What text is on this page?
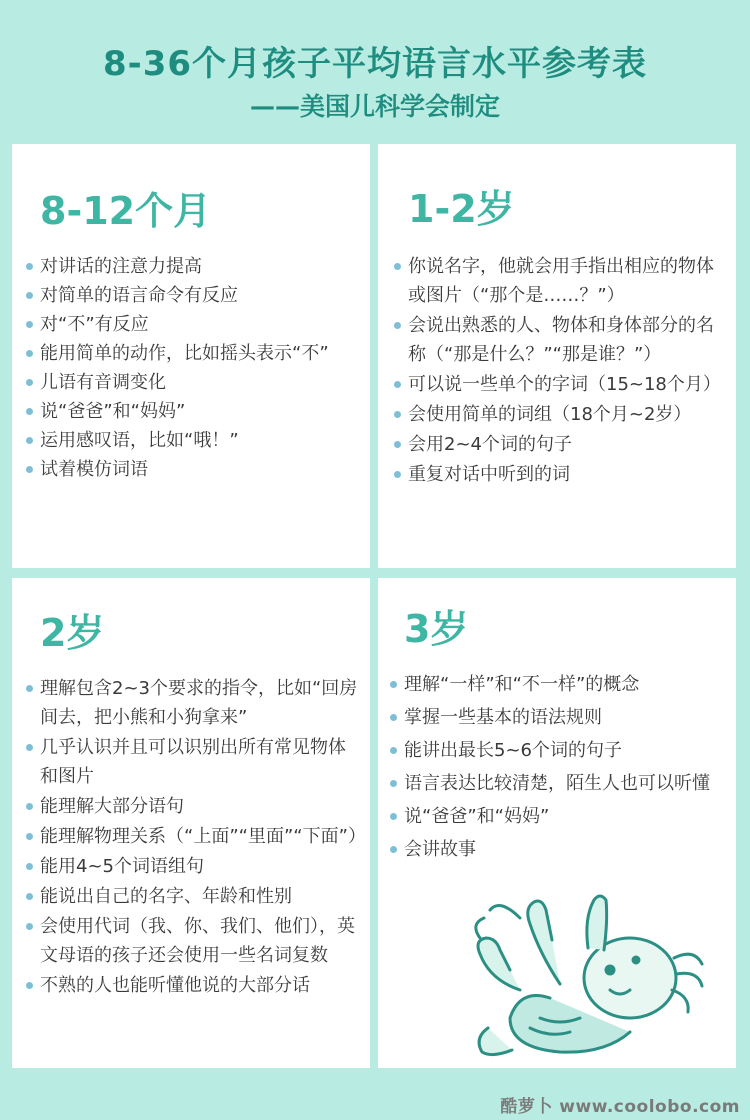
8-36个月孩子平均语言水平参考表
——美国儿科学会制定
8-12个月
对讲话的注意力提高
对简单的语言命令有反应
对“不”有反应
能用简单的动作，比如摇头表示“不”
儿语有音调变化
说“爸爸”和“妈妈”
运用感叹语，比如“哦！”
试着模仿词语
1-2岁
你说名字，他就会用手指出相应的物体或图片（“那个是……？”）
会说出熟悉的人、物体和身体部分的名称（“那是什么？”“那是谁？”）
可以说一些单个的字词（15~18个月）
会使用简单的词组（18个月~2岁）
会用2~4个词的句子
重复对话中听到的词
2岁
理解包含2~3个要求的指令，比如“回房间去，把小熊和小狗拿来”
几乎认识并且可以识别出所有常见物体和图片
能理解大部分语句
能理解物理关系（“上面”“里面”“下面”）
能用4~5个词语组句
能说出自己的名字、年龄和性别
会使用代词（我、你、我们、他们），英文母语的孩子还会使用一些名词复数
不熟的人也能听懂他说的大部分话
3岁
理解“一样”和“不一样”的概念
掌握一些基本的语法规则
能讲出最长5~6个词的句子
语言表达比较清楚，陌生人也可以听懂
说“爸爸”和“妈妈”
会讲故事
酷萝卜 www.coolobo.com
